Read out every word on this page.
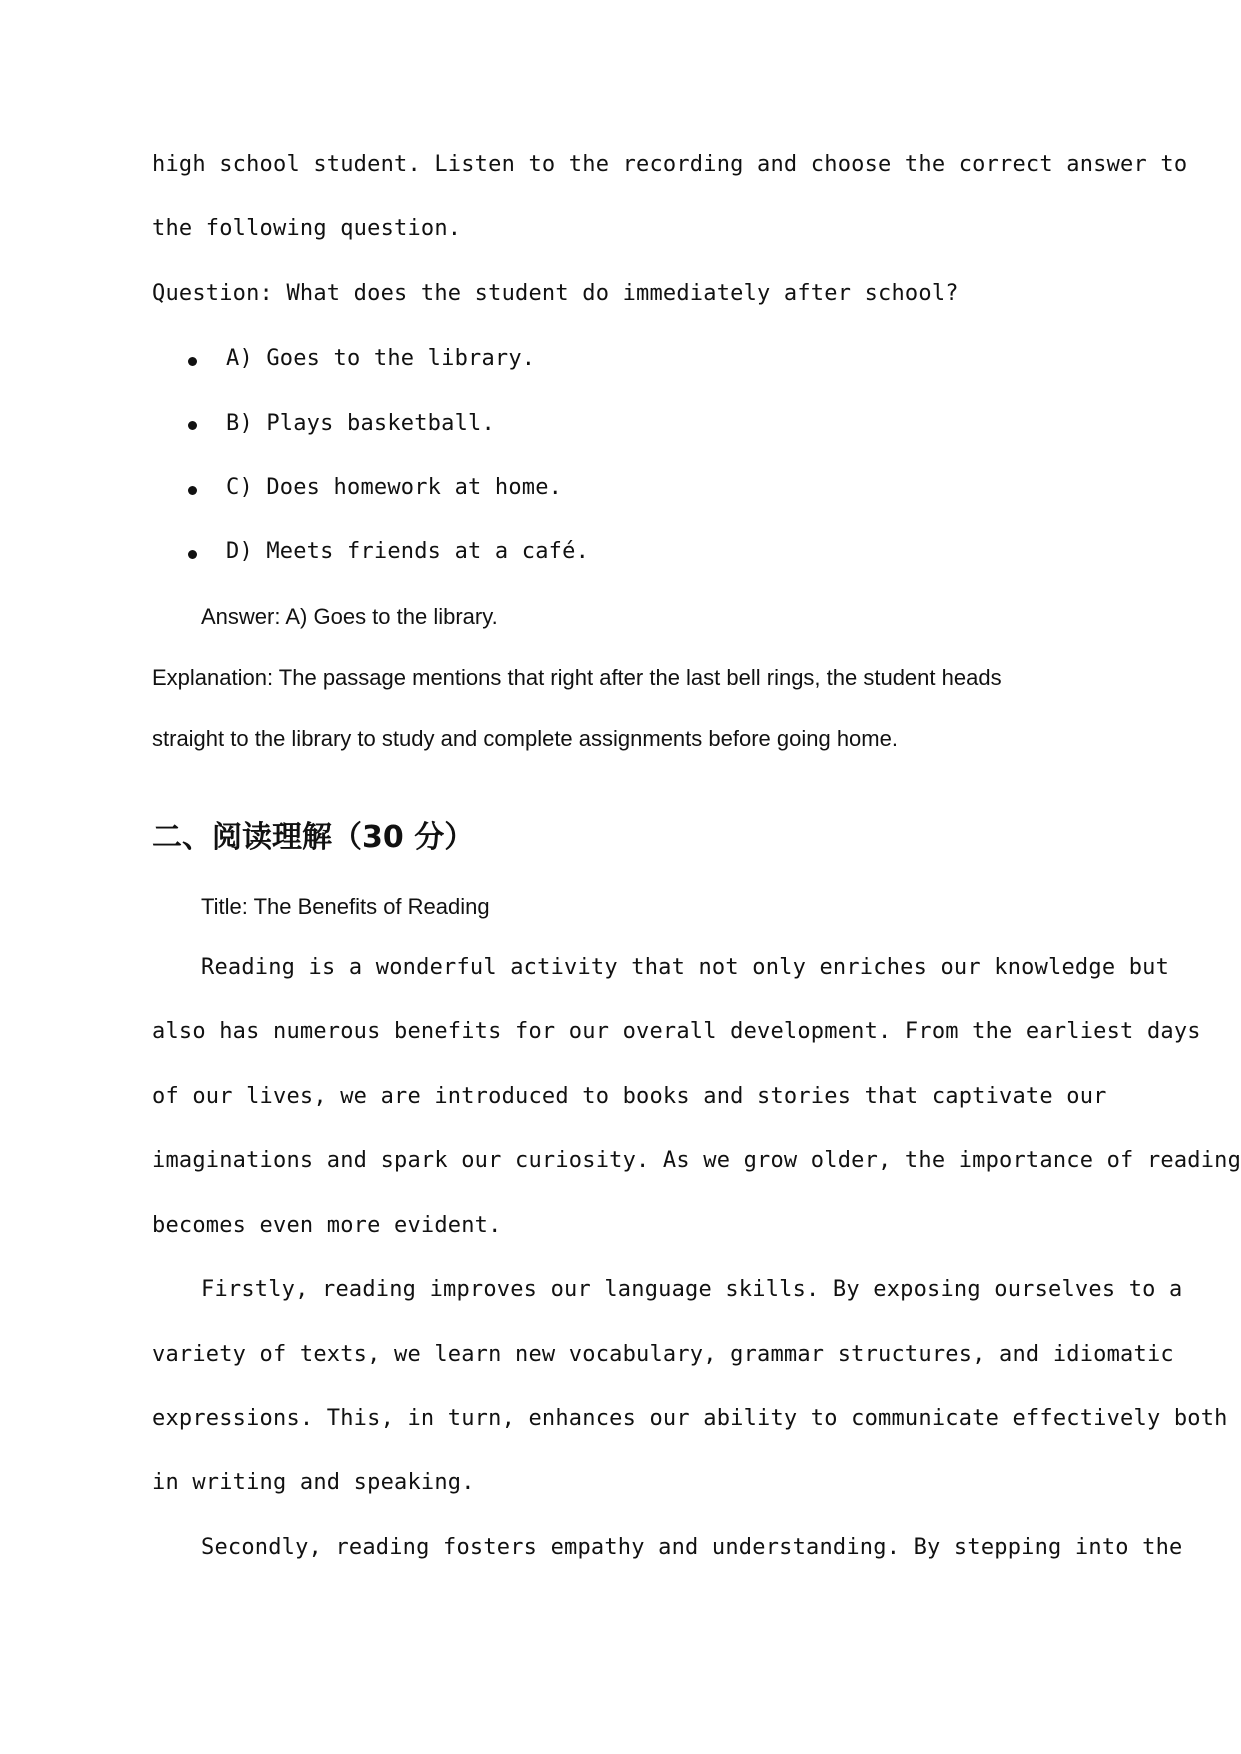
high school student. Listen to the recording and choose the correct answer to
the following question.
Question: What does the student do immediately after school?
A) Goes to the library.
B) Plays basketball.
C) Does homework at home.
D) Meets friends at a café.
Answer: A) Goes to the library.
Explanation: The passage mentions that right after the last bell rings, the student heads
straight to the library to study and complete assignments before going home.
二、阅读理解（30 分）
Title: The Benefits of Reading
Reading is a wonderful activity that not only enriches our knowledge but
also has numerous benefits for our overall development. From the earliest days
of our lives, we are introduced to books and stories that captivate our
imaginations and spark our curiosity. As we grow older, the importance of reading
becomes even more evident.
Firstly, reading improves our language skills. By exposing ourselves to a
variety of texts, we learn new vocabulary, grammar structures, and idiomatic
expressions. This, in turn, enhances our ability to communicate effectively both
in writing and speaking.
Secondly, reading fosters empathy and understanding. By stepping into the
